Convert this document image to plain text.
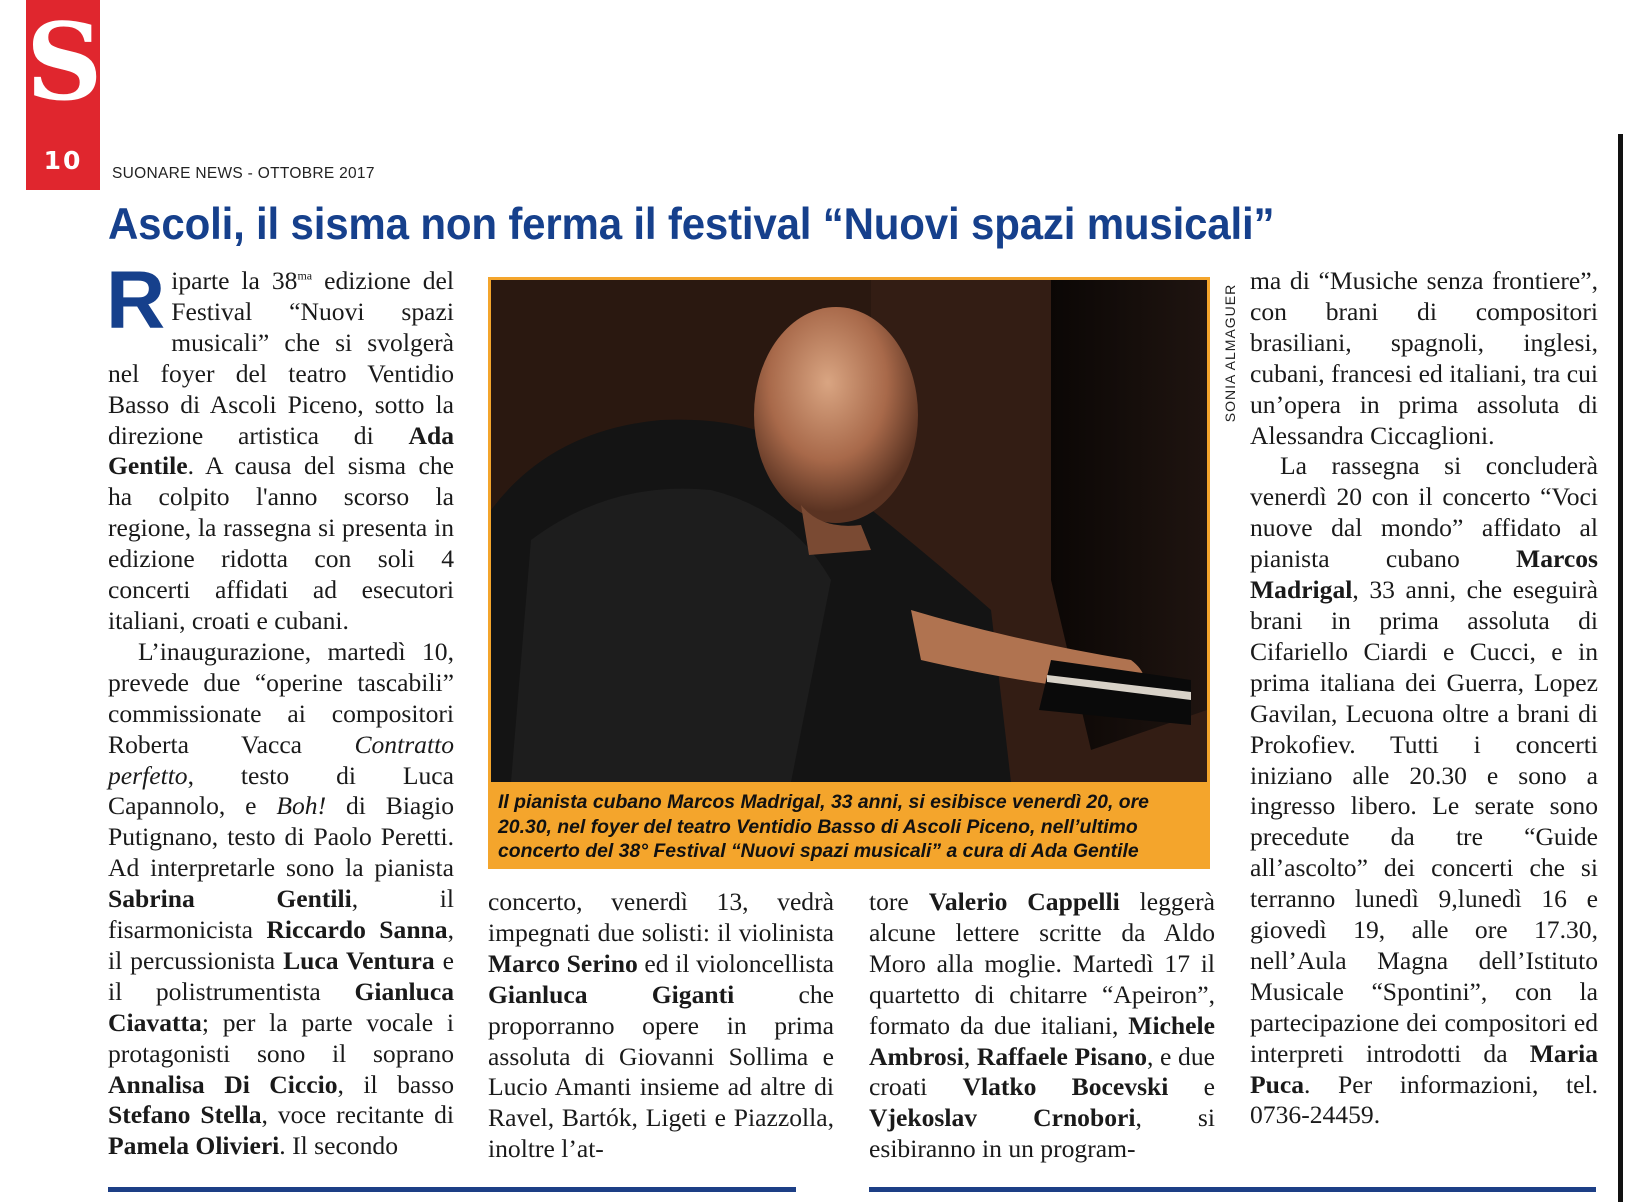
S
10	SUONARE NEWS - OTTOBRE 2017
Ascoli, il sisma non ferma il festival “Nuovi spazi musicali”

Riparte la $38^{ma}$ edizione del Festival “Nuovi spazi musicali” che si svolgerà nel foyer del teatro Ventidio Basso di Ascoli Piceno, sotto la direzione artistica di Ada Gentile. A causa del sisma che ha colpito l'anno scorso la regione, la rassegna si presenta in edizione ridotta con soli 4 concerti affidati ad esecutori italiani, croati e cubani.

L’inaugurazione, martedì 10, prevede due “operine tascabili” commissionate ai compositori Roberta Vacca Contratto perfetto, testo di Luca Capannolo, e Boh! di Biagio Putignano, testo di Paolo Peretti. Ad interpretarle sono la pianista Sabrina Gentili, il fisarmonicista Riccardo Sanna, il percussionista Luca Ventura e il polistrumentista Gianluca Ciavatta; per la parte vocale i protagonisti sono il soprano Annalisa Di Ciccio, il basso Stefano Stella, voce recitante di Pamela Olivieri. Il secondo

SONIA ALMAGUER
Il pianista cubano Marcos Madrigal, 33 anni, si esibisce venerdì 20, ore 20.30, nel foyer del teatro Ventidio Basso di Ascoli Piceno, nell’ultimo concerto del 38° Festival “Nuovi spazi musicali” a cura di Ada Gentile

concerto, venerdì 13, vedrà impegnati due solisti: il violinista Marco Serino ed il violoncellista Gianluca Giganti che proporranno opere in prima assoluta di Giovanni Sollima e Lucio Amanti insieme ad altre di Ravel, Bartók, Ligeti e Piazzolla, inoltre l’at-

tore Valerio Cappelli leggerà alcune lettere scritte da Aldo Moro alla moglie. Martedì 17 il quartetto di chitarre “Apeiron”, formato da due italiani, Michele Ambrosi, Raffaele Pisano, e due croati Vlatko Bocevski e Vjekoslav Crnobori, si esibiranno in un program-

ma di “Musiche senza frontiere”, con brani di compositori brasiliani, spagnoli, inglesi, cubani, francesi ed italiani, tra cui un’opera in prima assoluta di Alessandra Ciccaglioni.

La rassegna si concluderà venerdì 20 con il concerto “Voci nuove dal mondo” affidato al pianista cubano Marcos Madrigal, 33 anni, che eseguirà brani in prima assoluta di Cifariello Ciardi e Cucci, e in prima italiana dei Guerra, Lopez Gavilan, Lecuona oltre a brani di Prokofiev. Tutti i concerti iniziano alle 20.30 e sono a ingresso libero. Le serate sono precedute da tre “Guide all’ascolto” dei concerti che si terranno lunedì 9,lunedì 16 e giovedì 19, alle ore 17.30, nell’Aula Magna dell’Istituto Musicale “Spontini”, con la partecipazione dei compositori ed interpreti introdotti da Maria Puca. Per informazioni, tel. 0736-24459.
